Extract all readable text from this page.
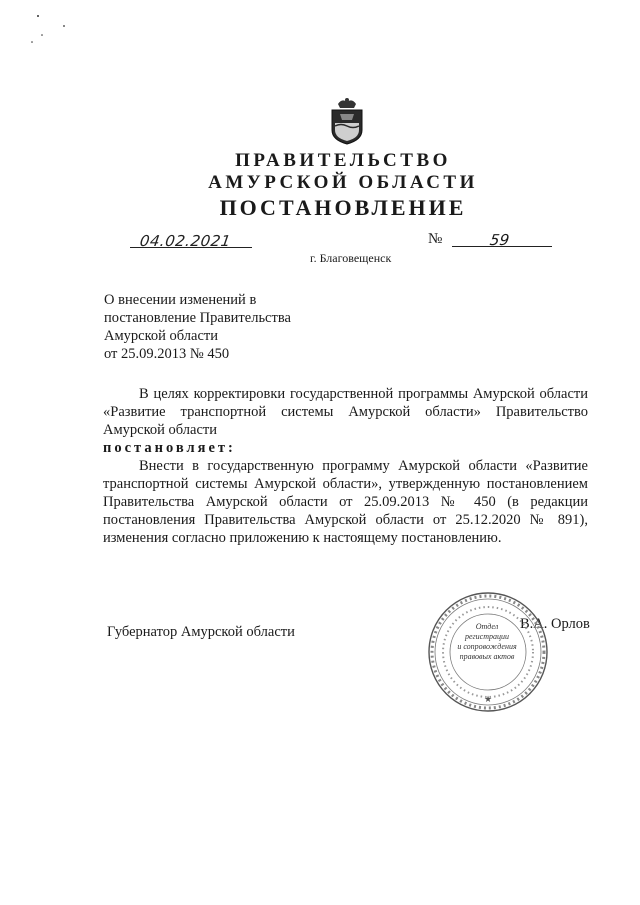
ПРАВИТЕЛЬСТВО
АМУРСКОЙ ОБЛАСТИ
ПОСТАНОВЛЕНИЕ
04.02.2021	№	59
г. Благовещенск
О внесении изменений в
постановление Правительства
Амурской области
от 25.09.2013 № 450

В целях корректировки государственной программы Амурской области «Развитие транспортной системы Амурской области» Правительство Амурской области

постановляет:

Внести в государственную программу Амурской области «Развитие транспортной системы Амурской области», утвержденную постановлением Правительства Амурской области от 25.09.2013 № 450 (в редакции постановления Правительства Амурской области от 25.12.2020 № 891), изменения согласно приложению к настоящему постановлению.

Губернатор Амурской области	В.А. Орлов
★
Отдел
регистрации
и сопровождения
правовых актов
